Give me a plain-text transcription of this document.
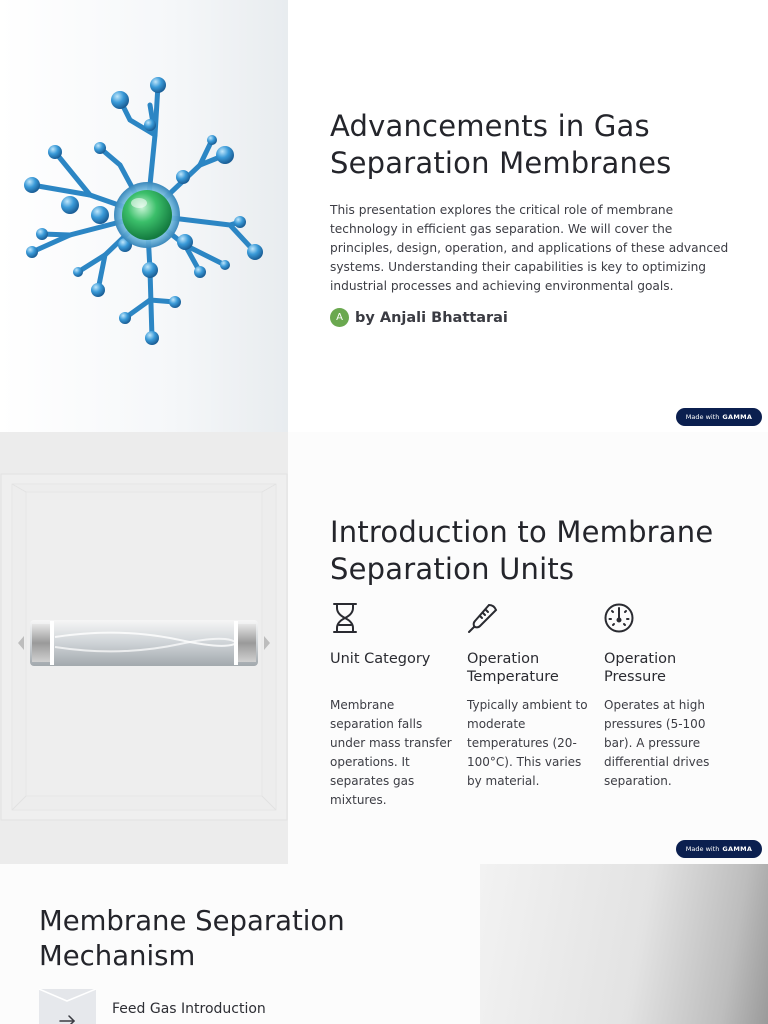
Advancements in Gas Separation Membranes

This presentation explores the critical role of membrane technology in efficient gas separation. We will cover the principles, design, operation, and applications of these advanced systems. Understanding their capabilities is key to optimizing industrial processes and achieving environmental goals.

A by Anjali Bhattarai
Made with GAMMA
Introduction to Membrane Separation Units
Unit Category
Membrane separation falls under mass transfer operations. It separates gas mixtures.
Operation Temperature
Typically ambient to moderate temperatures (20-100°C). This varies by material.
Operation Pressure
Operates at high pressures (5-100 bar). A pressure differential drives separation.
Made with GAMMA
Membrane Separation Mechanism
Feed Gas Introduction
